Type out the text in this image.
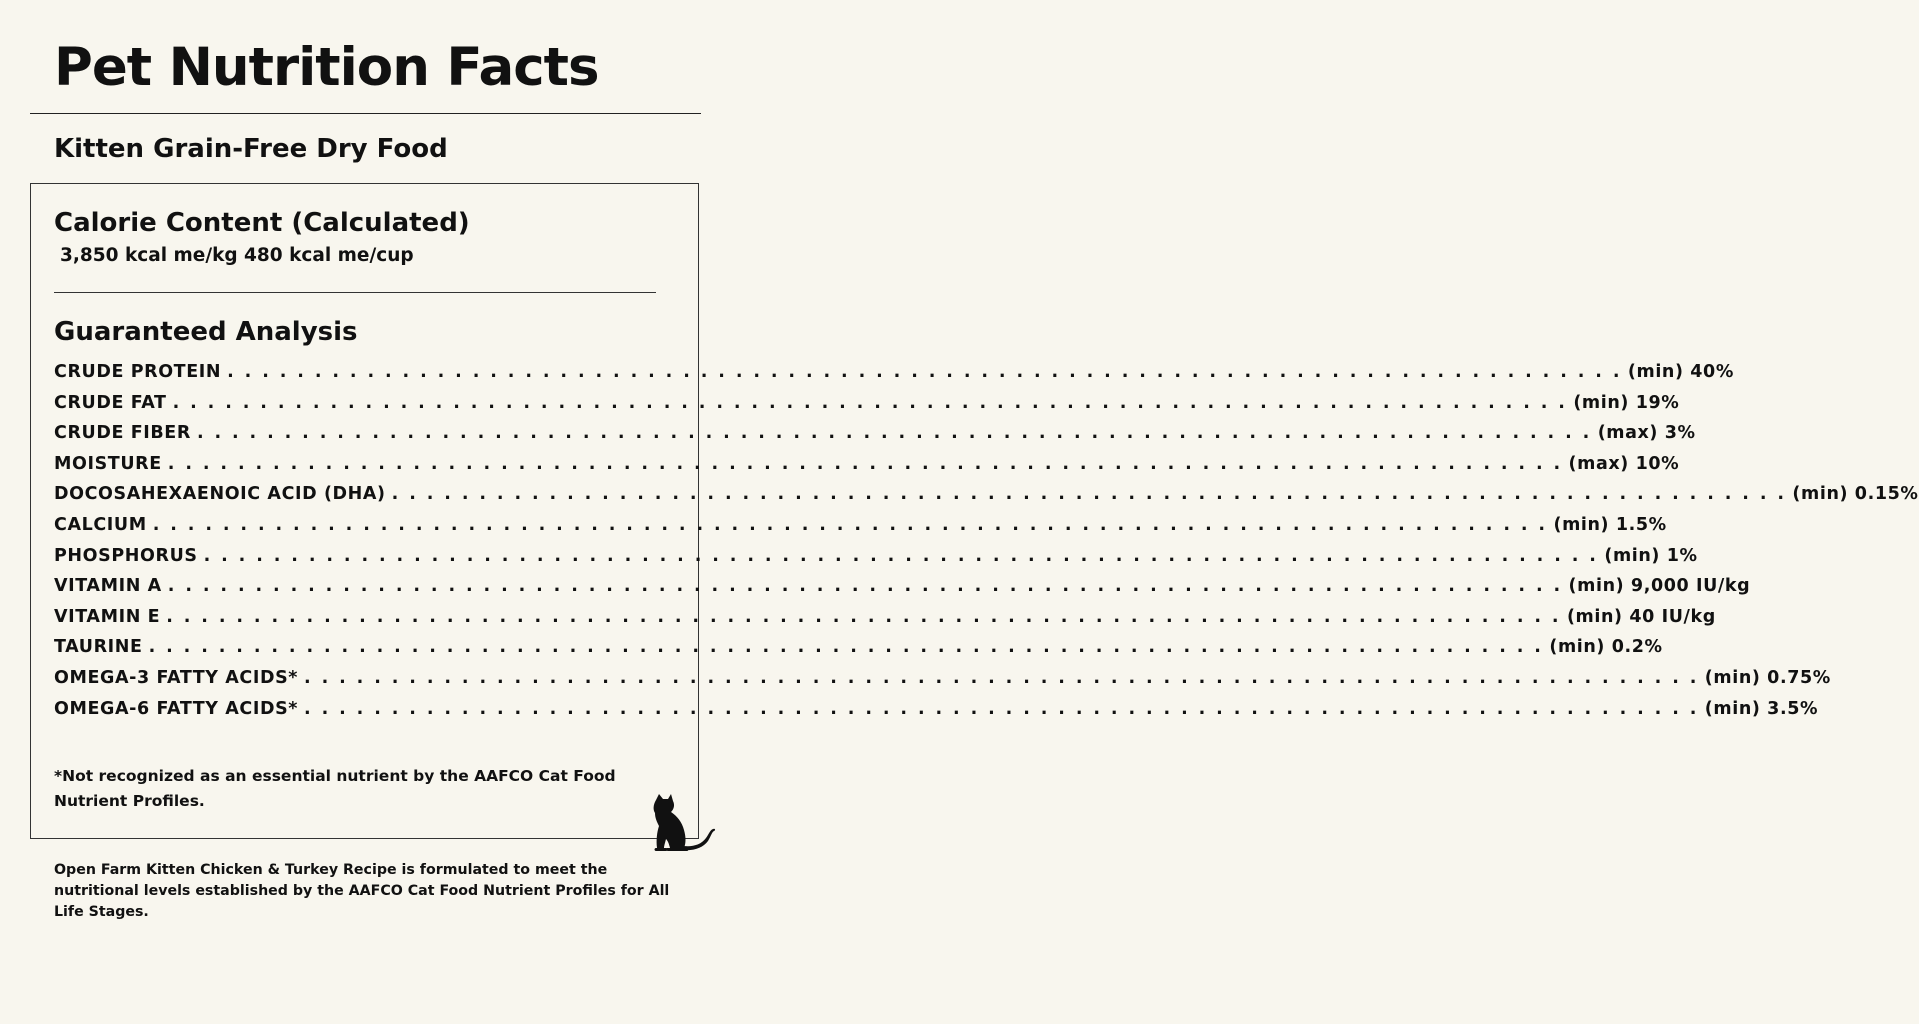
Pet Nutrition Facts
Kitten Grain-Free Dry Food
Calorie Content (Calculated)
3,850 kcal me/kg 480 kcal me/cup
Guaranteed Analysis
CRUDE PROTEIN . . . . . . . . . . . . . . . . . . . . . . . . . . . . . . . . . . . . . . . . . . . . . . . . . . . . . . . . . . . . . . . . . . . . . . . . . . . . . . . . (min) 40%
CRUDE FAT . . . . . . . . . . . . . . . . . . . . . . . . . . . . . . . . . . . . . . . . . . . . . . . . . . . . . . . . . . . . . . . . . . . . . . . . . . . . . . . . (min) 19%
CRUDE FIBER . . . . . . . . . . . . . . . . . . . . . . . . . . . . . . . . . . . . . . . . . . . . . . . . . . . . . . . . . . . . . . . . . . . . . . . . . . . . . . . . (max) 3%
MOISTURE . . . . . . . . . . . . . . . . . . . . . . . . . . . . . . . . . . . . . . . . . . . . . . . . . . . . . . . . . . . . . . . . . . . . . . . . . . . . . . . . (max) 10%
DOCOSAHEXAENOIC ACID (DHA) . . . . . . . . . . . . . . . . . . . . . . . . . . . . . . . . . . . . . . . . . . . . . . . . . . . . . . . . . . . . . . . . . . . . . . . . . . . . . . . . (min) 0.15%
CALCIUM . . . . . . . . . . . . . . . . . . . . . . . . . . . . . . . . . . . . . . . . . . . . . . . . . . . . . . . . . . . . . . . . . . . . . . . . . . . . . . . . (min) 1.5%
PHOSPHORUS . . . . . . . . . . . . . . . . . . . . . . . . . . . . . . . . . . . . . . . . . . . . . . . . . . . . . . . . . . . . . . . . . . . . . . . . . . . . . . . . (min) 1%
VITAMIN A . . . . . . . . . . . . . . . . . . . . . . . . . . . . . . . . . . . . . . . . . . . . . . . . . . . . . . . . . . . . . . . . . . . . . . . . . . . . . . . . (min) 9,000 IU/kg
VITAMIN E . . . . . . . . . . . . . . . . . . . . . . . . . . . . . . . . . . . . . . . . . . . . . . . . . . . . . . . . . . . . . . . . . . . . . . . . . . . . . . . . (min) 40 IU/kg
TAURINE . . . . . . . . . . . . . . . . . . . . . . . . . . . . . . . . . . . . . . . . . . . . . . . . . . . . . . . . . . . . . . . . . . . . . . . . . . . . . . . . (min) 0.2%
OMEGA-3 FATTY ACIDS* . . . . . . . . . . . . . . . . . . . . . . . . . . . . . . . . . . . . . . . . . . . . . . . . . . . . . . . . . . . . . . . . . . . . . . . . . . . . . . . . (min) 0.75%
OMEGA-6 FATTY ACIDS* . . . . . . . . . . . . . . . . . . . . . . . . . . . . . . . . . . . . . . . . . . . . . . . . . . . . . . . . . . . . . . . . . . . . . . . . . . . . . . . . (min) 3.5%

*Not recognized as an essential nutrient by the AAFCO Cat Food Nutrient Profiles.

Open Farm Kitten Chicken & Turkey Recipe is formulated to meet the nutritional levels established by the AAFCO Cat Food Nutrient Profiles for All Life Stages.
